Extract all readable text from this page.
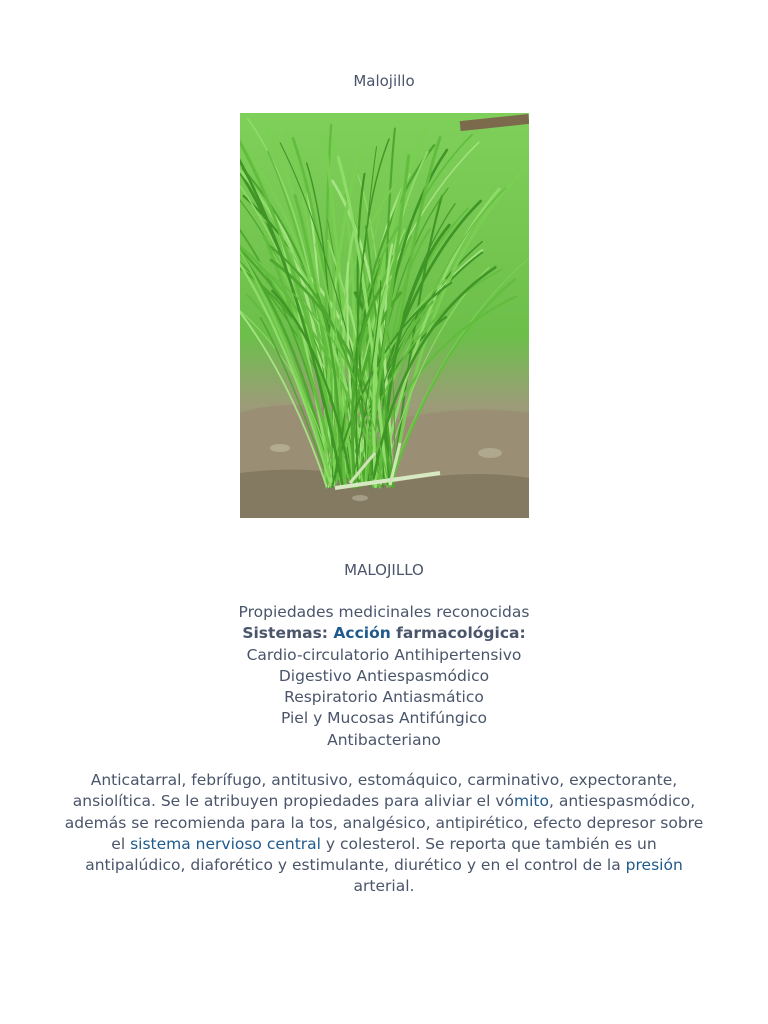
Malojillo
MALOJILLO
Propiedades medicinales reconocidas
Sistemas: Acción farmacológica:
Cardio-circulatorio Antihipertensivo
Digestivo Antiespasmódico
Respiratorio Antiasmático
Piel y Mucosas Antifúngico
Antibacteriano
Anticatarral, febrífugo, antitusivo, estomáquico, carminativo, expectorante, ansiolítica. Se le atribuyen propiedades para aliviar el vómito, antiespasmódico, además se recomienda para la tos, analgésico, antipirético, efecto depresor sobre el sistema nervioso central y colesterol. Se reporta que también es un antipalúdico, diaforético y estimulante, diurético y en el control de la presión arterial.
